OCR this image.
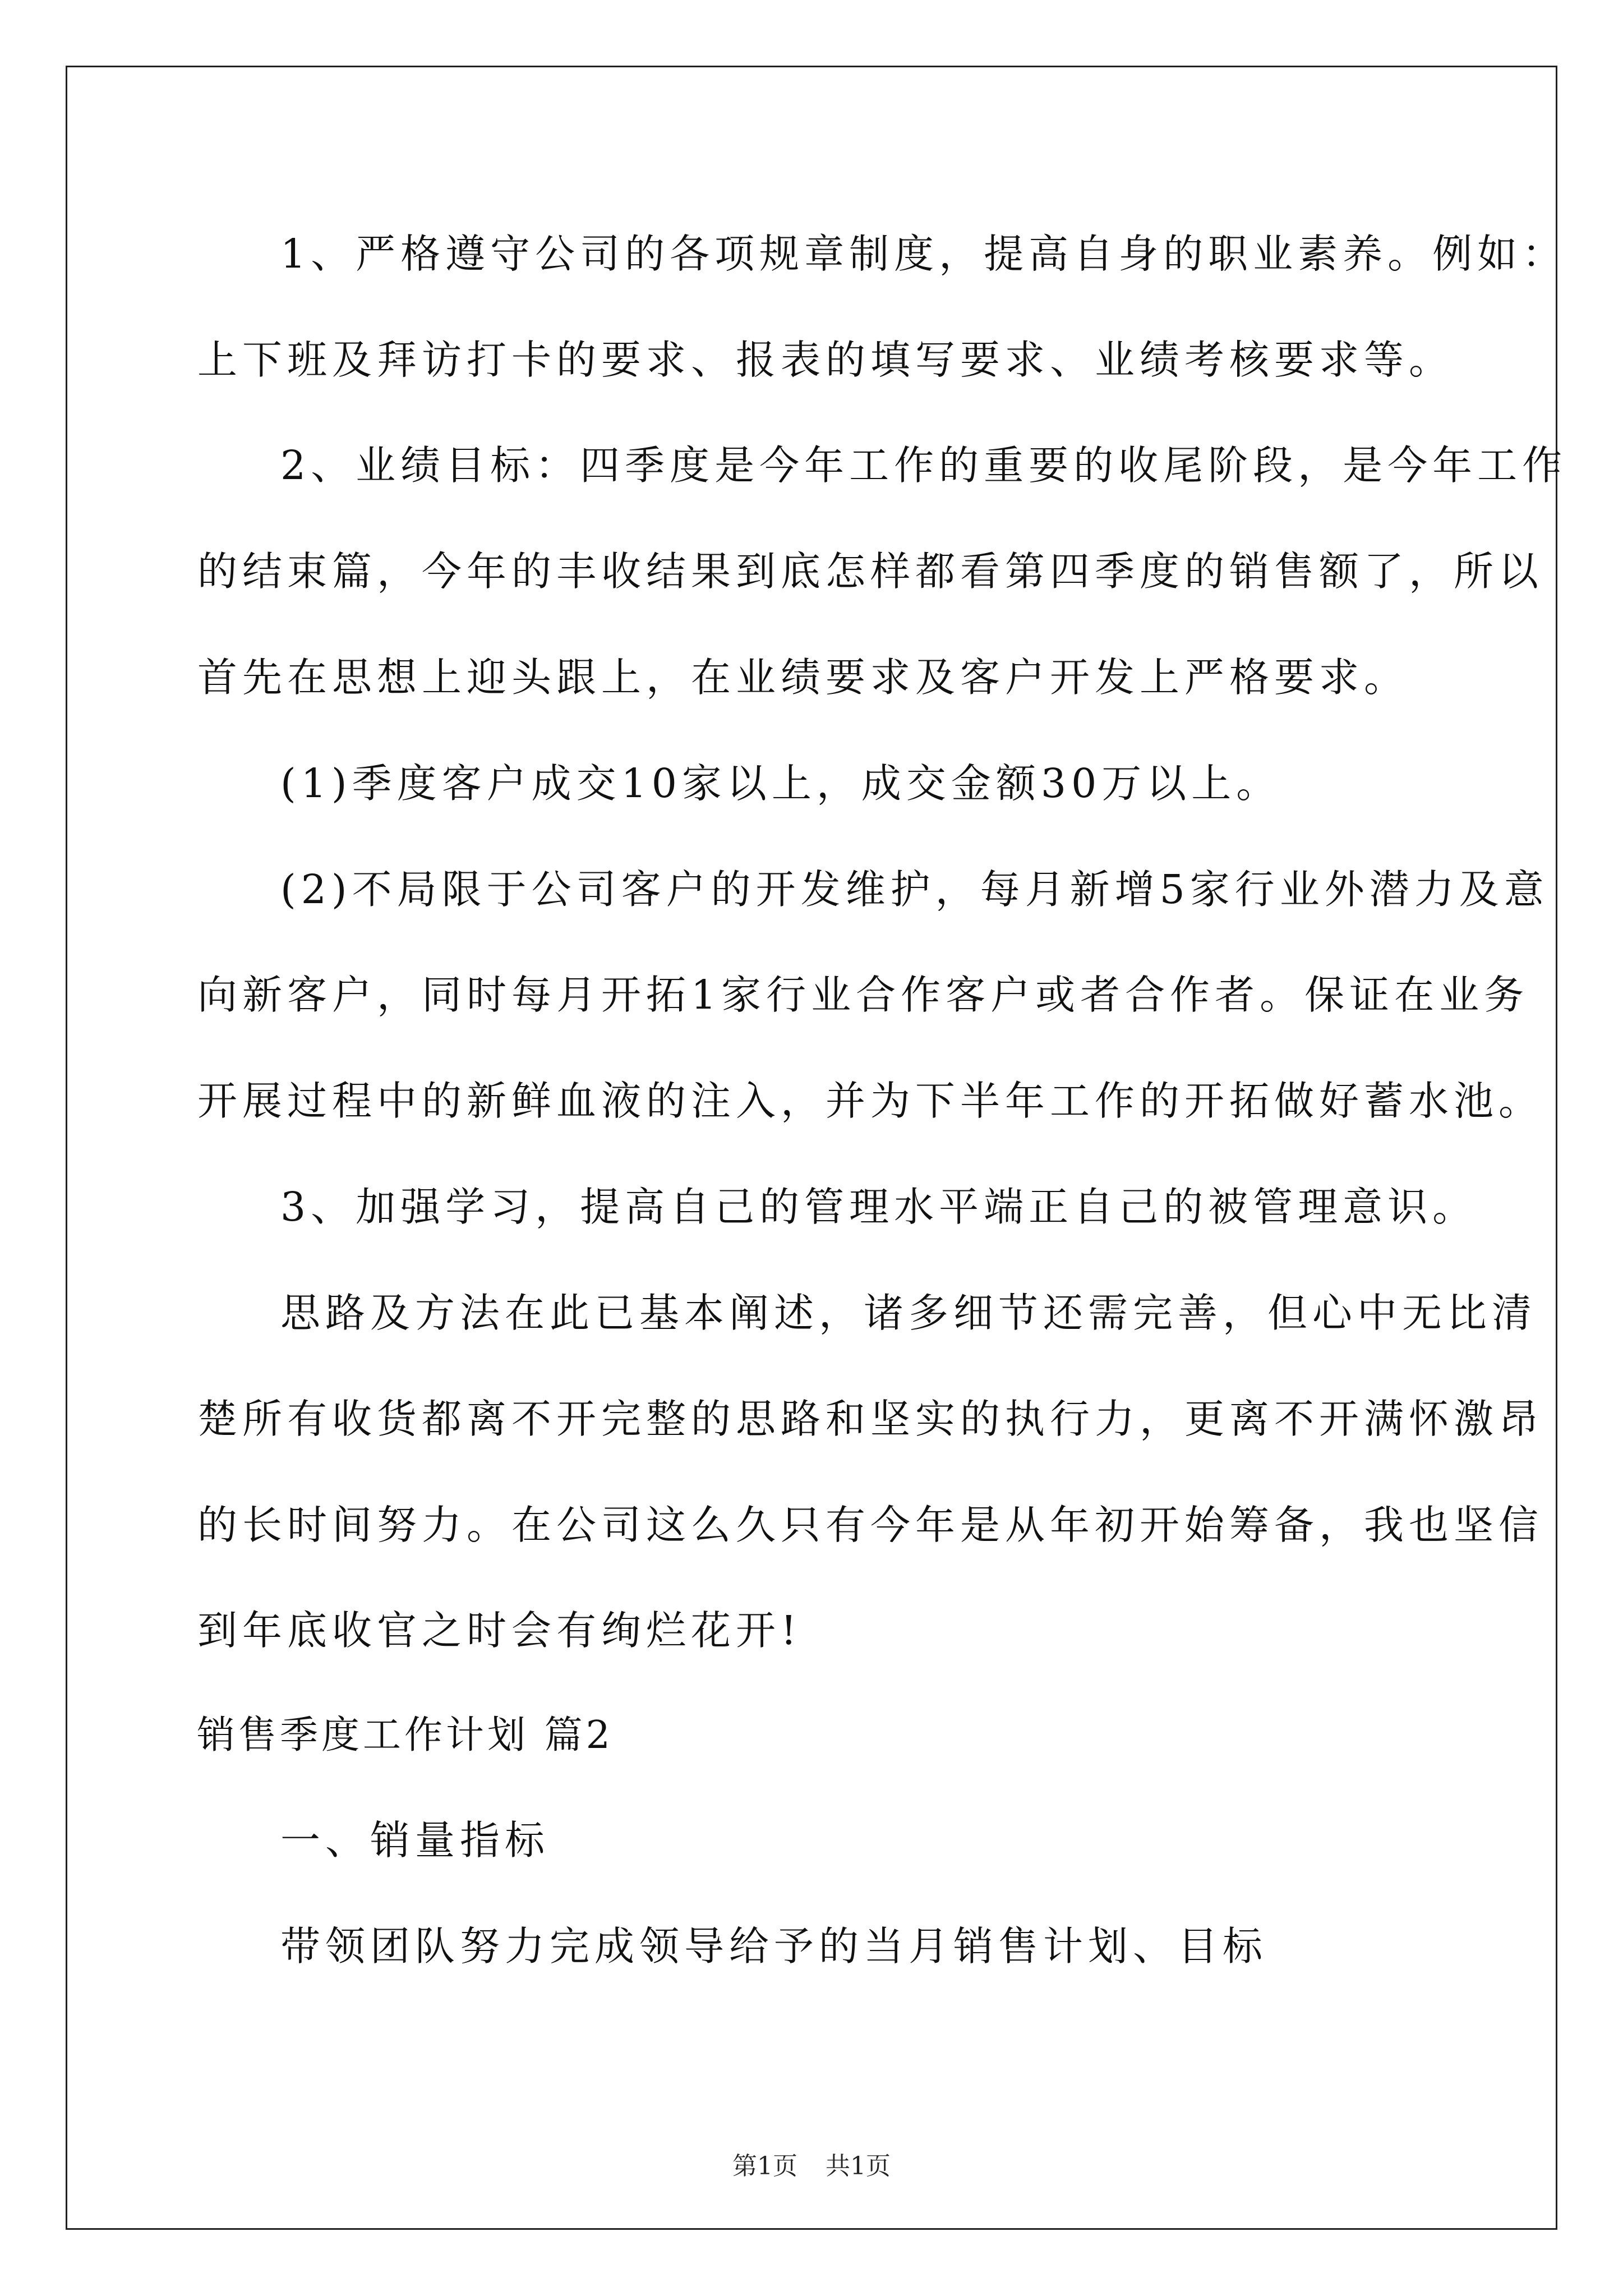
1、严格遵守公司的各项规章制度，提高自身的职业素养。例如：
上下班及拜访打卡的要求、报表的填写要求、业绩考核要求等。
2、业绩目标：四季度是今年工作的重要的收尾阶段，是今年工作
的结束篇，今年的丰收结果到底怎样都看第四季度的销售额了，所以
首先在思想上迎头跟上，在业绩要求及客户开发上严格要求。
(1)季度客户成交10家以上，成交金额30万以上。
(2)不局限于公司客户的开发维护，每月新增5家行业外潜力及意
向新客户，同时每月开拓1家行业合作客户或者合作者。保证在业务
开展过程中的新鲜血液的注入，并为下半年工作的开拓做好蓄水池。
3、加强学习，提高自己的管理水平端正自己的被管理意识。
思路及方法在此已基本阐述，诸多细节还需完善，但心中无比清
楚所有收货都离不开完整的思路和坚实的执行力，更离不开满怀激昂
的长时间努力。在公司这么久只有今年是从年初开始筹备，我也坚信
到年底收官之时会有绚烂花开!
销售季度工作计划 篇2
一、销量指标
带领团队努力完成领导给予的当月销售计划、目标
第1页 共1页
